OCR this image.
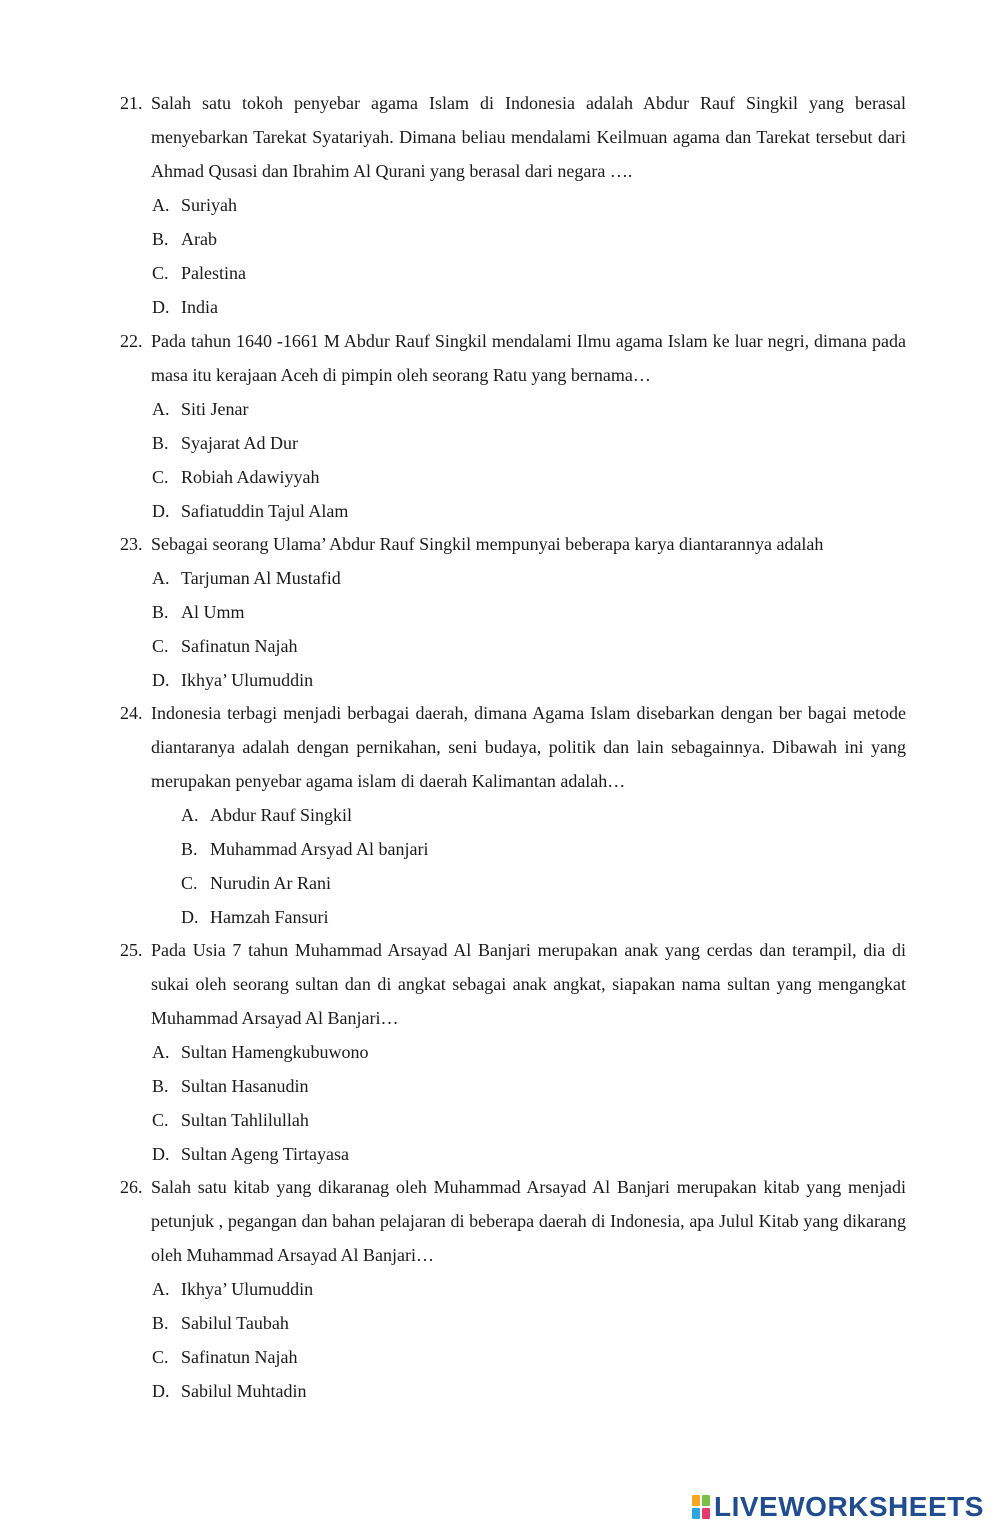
21. Salah satu tokoh penyebar agama Islam di Indonesia adalah Abdur Rauf Singkil yang berasal menyebarkan Tarekat Syatariyah. Dimana beliau mendalami Keilmuan agama dan Tarekat tersebut dari Ahmad Qusasi dan Ibrahim Al Qurani yang berasal dari negara ….
A. Suriyah
B. Arab
C. Palestina
D. India
22. Pada tahun 1640 -1661 M Abdur Rauf Singkil mendalami Ilmu agama Islam ke luar negri, dimana pada masa itu kerajaan Aceh di pimpin oleh seorang Ratu yang bernama…
A. Siti Jenar
B. Syajarat Ad Dur
C. Robiah Adawiyyah
D. Safiatuddin Tajul Alam
23. Sebagai seorang Ulama’ Abdur Rauf Singkil mempunyai beberapa karya diantarannya adalah
A. Tarjuman Al Mustafid
B. Al Umm
C. Safinatun Najah
D. Ikhya’ Ulumuddin
24. Indonesia terbagi menjadi berbagai daerah, dimana Agama Islam disebarkan dengan ber bagai metode diantaranya adalah dengan pernikahan, seni budaya, politik dan lain sebagainnya. Dibawah ini yang merupakan penyebar agama islam di daerah Kalimantan adalah…
A. Abdur Rauf Singkil
B. Muhammad Arsyad Al banjari
C. Nurudin Ar Rani
D. Hamzah Fansuri
25. Pada Usia 7 tahun Muhammad Arsayad Al Banjari merupakan anak yang cerdas dan terampil, dia di sukai oleh seorang sultan dan di angkat sebagai anak angkat, siapakan nama sultan yang mengangkat Muhammad Arsayad Al Banjari…
A. Sultan Hamengkubuwono
B. Sultan Hasanudin
C. Sultan Tahlilullah
D. Sultan Ageng Tirtayasa
26. Salah satu kitab yang dikaranag oleh Muhammad Arsayad Al Banjari merupakan kitab yang menjadi petunjuk , pegangan dan bahan pelajaran di beberapa daerah di Indonesia, apa Julul Kitab yang dikarang oleh Muhammad Arsayad Al Banjari…
A. Ikhya’ Ulumuddin
B. Sabilul Taubah
C. Safinatun Najah
D. Sabilul Muhtadin
LIVEWORKSHEETS
